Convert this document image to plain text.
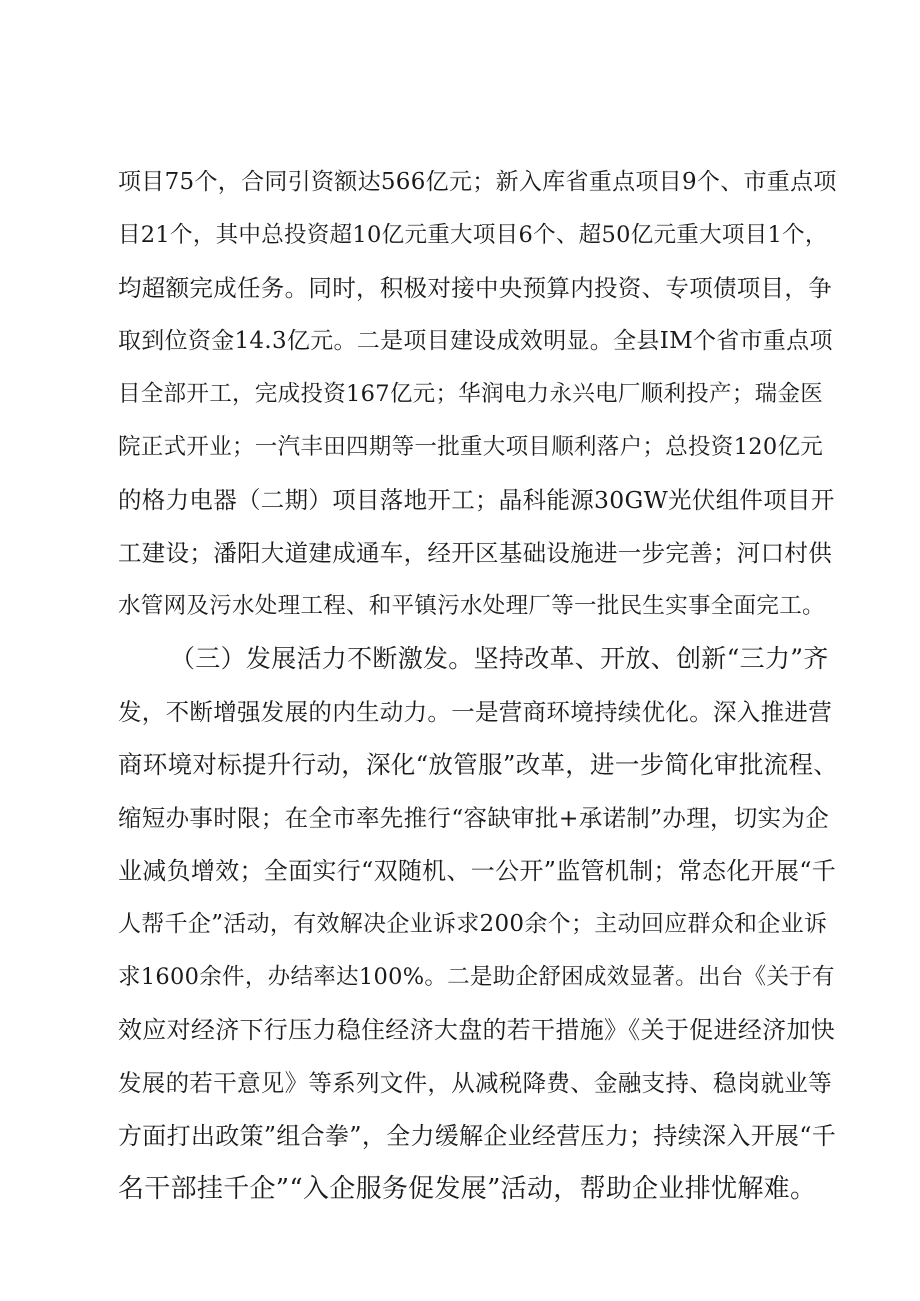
项目75个，合同引资额达566亿元；新入库省重点项目9个、市重点项
目21个，其中总投资超10亿元重大项目6个、超50亿元重大项目1个，
均超额完成任务。同时，积极对接中央预算内投资、专项债项目，争
取到位资金14.3亿元。二是项目建设成效明显。全县IM个省市重点项
目全部开工，完成投资167亿元；华润电力永兴电厂顺利投产；瑞金医
院正式开业；一汽丰田四期等一批重大项目顺利落户；总投资120亿元
的格力电器（二期）项目落地开工；晶科能源30GW光伏组件项目开
工建设；潘阳大道建成通车，经开区基础设施进一步完善；河口村供
水管网及污水处理工程、和平镇污水处理厂等一批民生实事全面完工。
（三）发展活力不断激发。坚持改革、开放、创新“三力”齐
发，不断增强发展的内生动力。一是营商环境持续优化。深入推进营
商环境对标提升行动，深化“放管服”改革，进一步简化审批流程、
缩短办事时限；在全市率先推行“容缺审批+承诺制”办理，切实为企
业减负增效；全面实行“双随机、一公开”监管机制；常态化开展“千
人帮千企”活动，有效解决企业诉求200余个；主动回应群众和企业诉
求1600余件，办结率达100%。二是助企舒困成效显著。出台《关于有
效应对经济下行压力稳住经济大盘的若干措施》《关于促进经济加快
发展的若干意见》等系列文件，从减税降费、金融支持、稳岗就业等
方面打出政策”组合拳”，全力缓解企业经营压力；持续深入开展“千
名干部挂千企”“入企服务促发展”活动，帮助企业排忧解难。
